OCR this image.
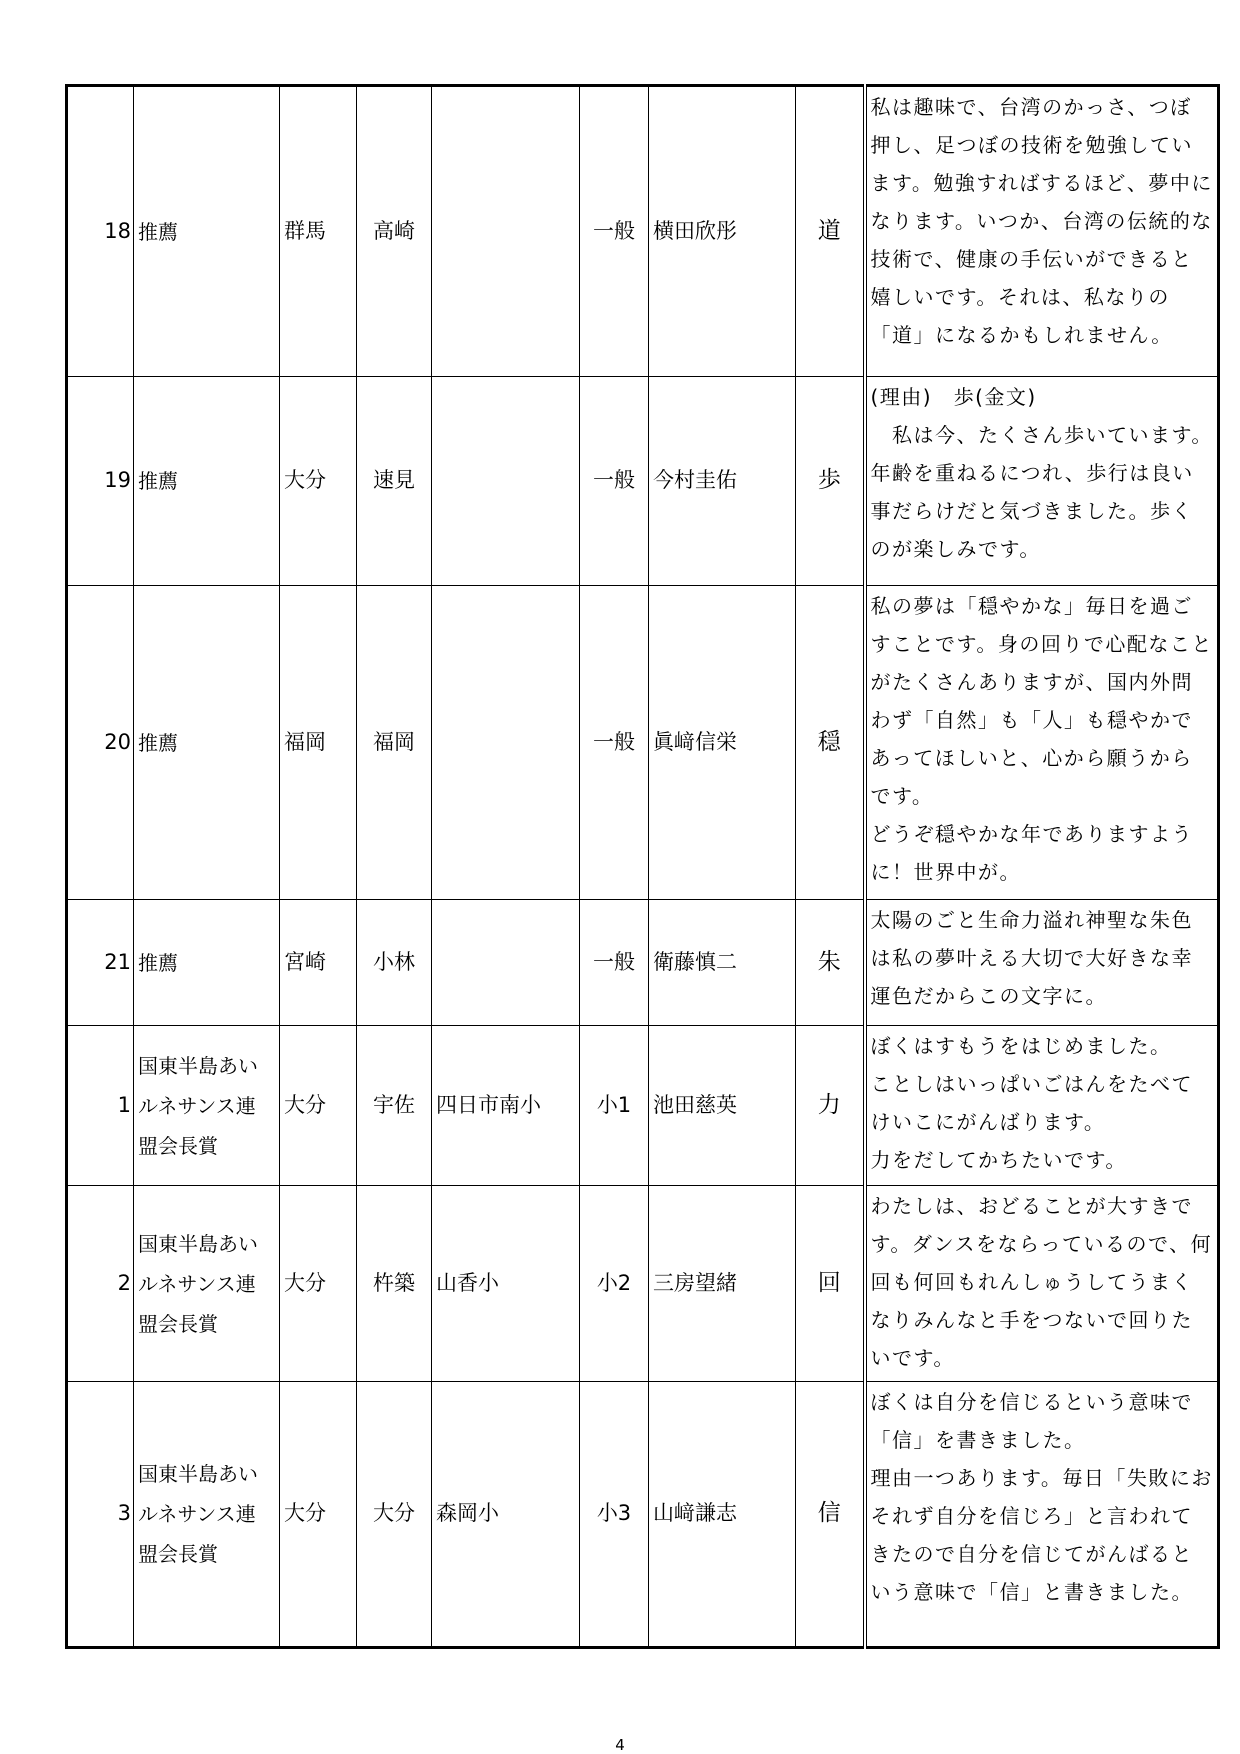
18	推薦	群馬	高崎		一般	横田欣彤	道	私は趣味で、台湾のかっさ、つぼ押し、足つぼの技術を勉強しています。勉強すればするほど、夢中になります。いつか、台湾の伝統的な技術で、健康の手伝いができると嬉しいです。それは、私なりの「道」になるかもしれません。
19	推薦	大分	速見		一般	今村圭佑	歩	(理由)　歩(金文)
　私は今、たくさん歩いています。年齢を重ねるにつれ、歩行は良い事だらけだと気づきました。歩くのが楽しみです。
20	推薦	福岡	福岡		一般	眞﨑信栄	穏	私の夢は「穏やかな」毎日を過ごすことです。身の回りで心配なことがたくさんありますが、国内外問わず「自然」も「人」も穏やかであってほしいと、心から願うからです。
どうぞ穏やかな年でありますように！世界中が。
21	推薦	宮崎	小林		一般	衛藤慎二	朱	太陽のごと生命力溢れ神聖な朱色は私の夢叶える大切で大好きな幸運色だからこの文字に。
1	国東半島あいルネサンス連盟会長賞	大分	宇佐	四日市南小	小1	池田慈英	力	ぼくはすもうをはじめました。
ことしはいっぱいごはんをたべてけいこにがんばります。
力をだしてかちたいです。
2	国東半島あいルネサンス連盟会長賞	大分	杵築	山香小	小2	三房望緒	回	わたしは、おどることが大すきです。ダンスをならっているので、何回も何回もれんしゅうしてうまくなりみんなと手をつないで回りたいです。
3	国東半島あいルネサンス連盟会長賞	大分	大分	森岡小	小3	山﨑謙志	信	ぼくは自分を信じるという意味で「信」を書きました。
理由一つあります。毎日「失敗におそれず自分を信じろ」と言われてきたので自分を信じてがんばるという意味で「信」と書きました。
4
